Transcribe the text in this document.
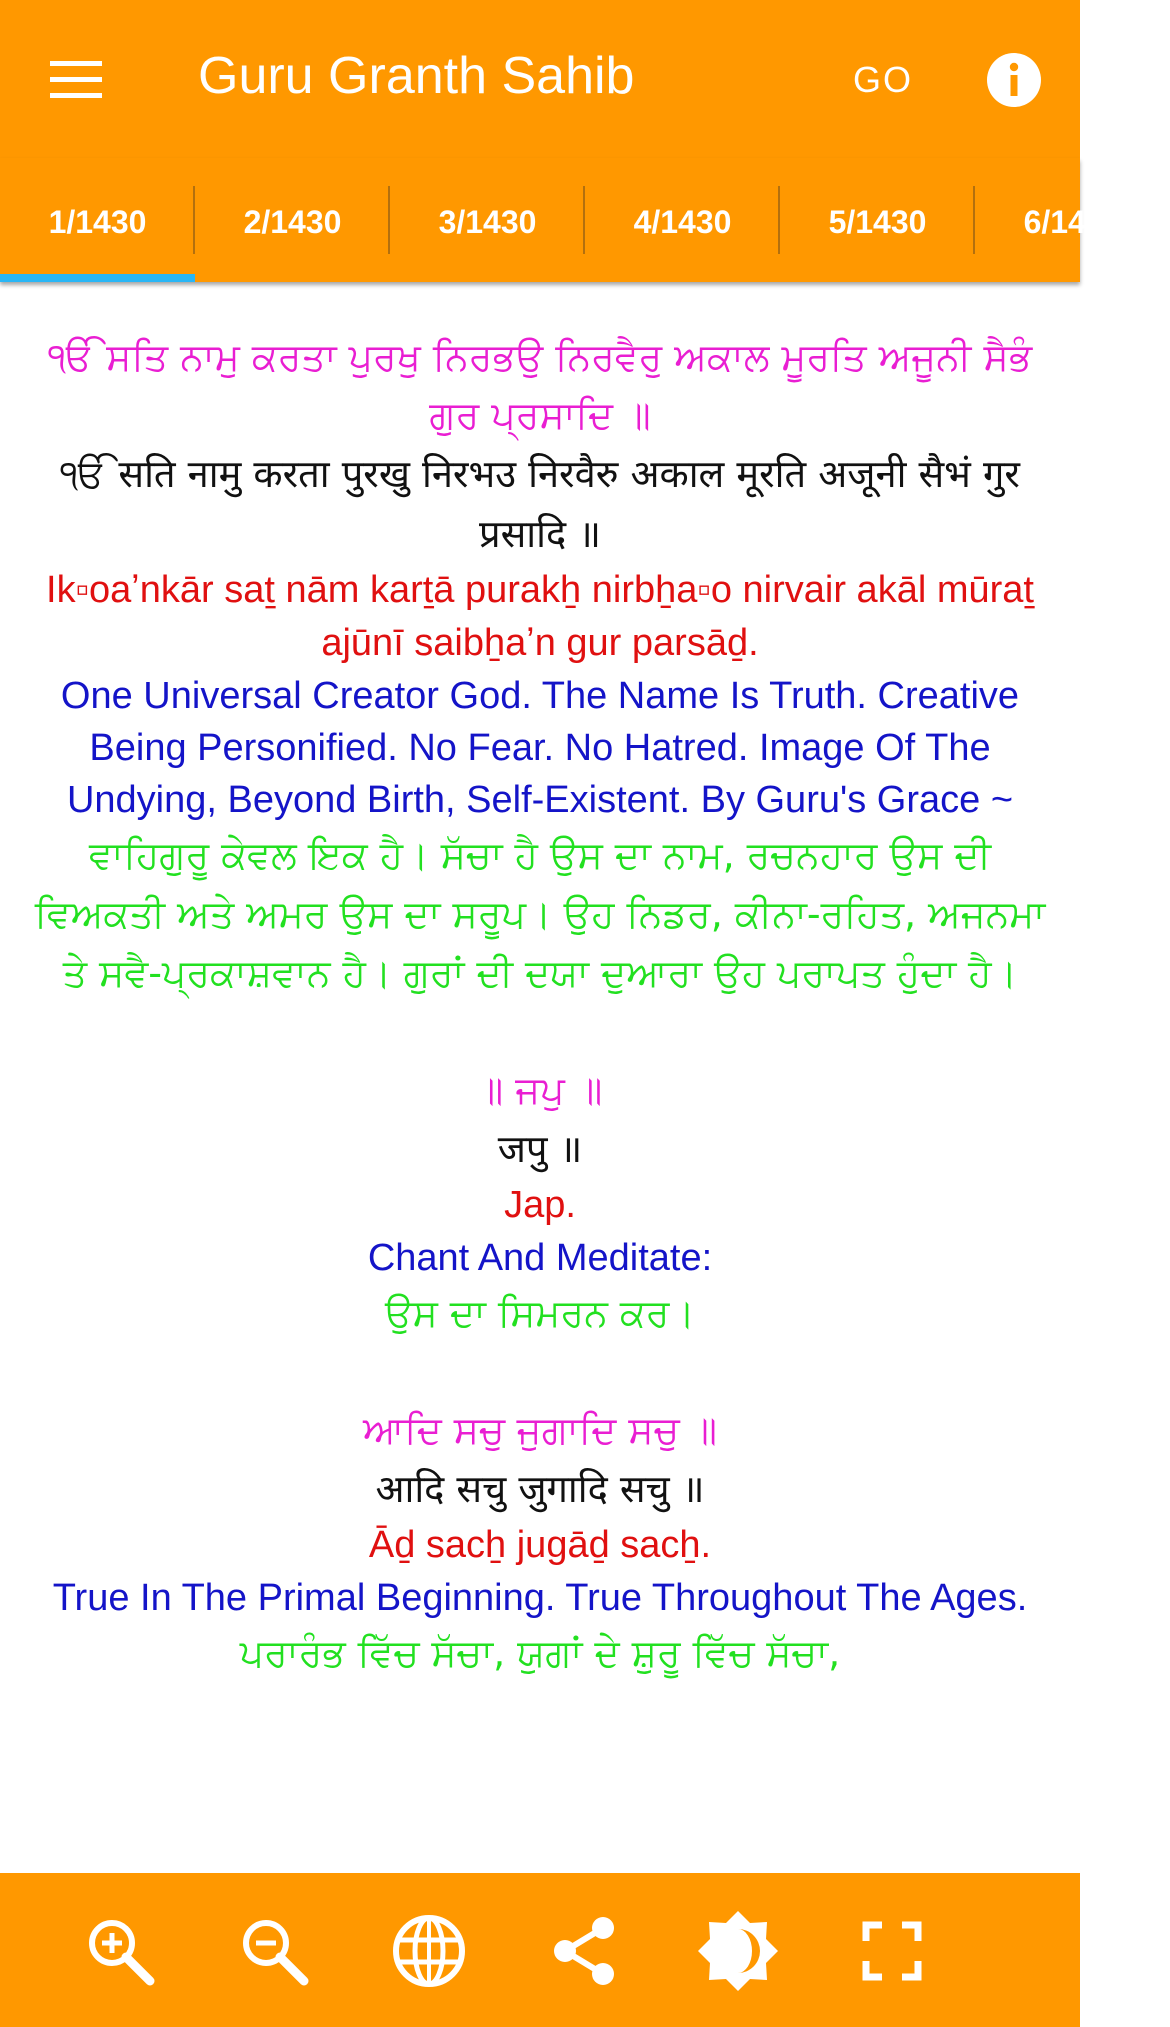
Guru Granth Sahib	GO
1/1430	2/1430	3/1430	4/1430	5/1430	6/1430

ੴ ਸਤਿ ਨਾਮੁ ਕਰਤਾ ਪੁਰਖੁ ਨਿਰਭਉ ਨਿਰਵੈਰੁ ਅਕਾਲ ਮੂਰਤਿ ਅਜੂਨੀ ਸੈਭੰ ਗੁਰ ਪ੍ਰਸਾਦਿ ॥

ੴ सति नामु करता पुरखु निरभउ निरवैरु अकाल मूरति अजूनी सैभं गुर प्रसादि ॥

Ik▫oaʼnkār saṯ nām karṯā purakẖ nirbẖa▫o nirvair akāl mūraṯ ajūnī saibẖaʼn gur parsāḏ.

One Universal Creator God. The Name Is Truth. Creative Being Personified. No Fear. No Hatred. Image Of The Undying, Beyond Birth, Self-Existent. By Guru's Grace ~

ਵਾਹਿਗੁਰੂ ਕੇਵਲ ਇਕ ਹੈ। ਸੱਚਾ ਹੈ ਉਸ ਦਾ ਨਾਮ, ਰਚਨਹਾਰ ਉਸ ਦੀ ਵਿਅਕਤੀ ਅਤੇ ਅਮਰ ਉਸ ਦਾ ਸਰੂਪ। ਉਹ ਨਿਡਰ, ਕੀਨਾ-ਰਹਿਤ, ਅਜਨਮਾ ਤੇ ਸਵੈ-ਪ੍ਰਕਾਸ਼ਵਾਨ ਹੈ। ਗੁਰਾਂ ਦੀ ਦਯਾ ਦੁਆਰਾ ਉਹ ਪਰਾਪਤ ਹੁੰਦਾ ਹੈ।

॥ ਜਪੁ ॥

जपु ॥

Jap.

Chant And Meditate:

ਉਸ ਦਾ ਸਿਮਰਨ ਕਰ।

ਆਦਿ ਸਚੁ ਜੁਗਾਦਿ ਸਚੁ ॥

आदि सचु जुगादि सचु ॥

Āḏ sacẖ jugāḏ sacẖ.

True In The Primal Beginning. True Throughout The Ages.

ਪਰਾਰੰਭ ਵਿੱਚ ਸੱਚਾ, ਯੁਗਾਂ ਦੇ ਸ਼ੁਰੂ ਵਿੱਚ ਸੱਚਾ,
